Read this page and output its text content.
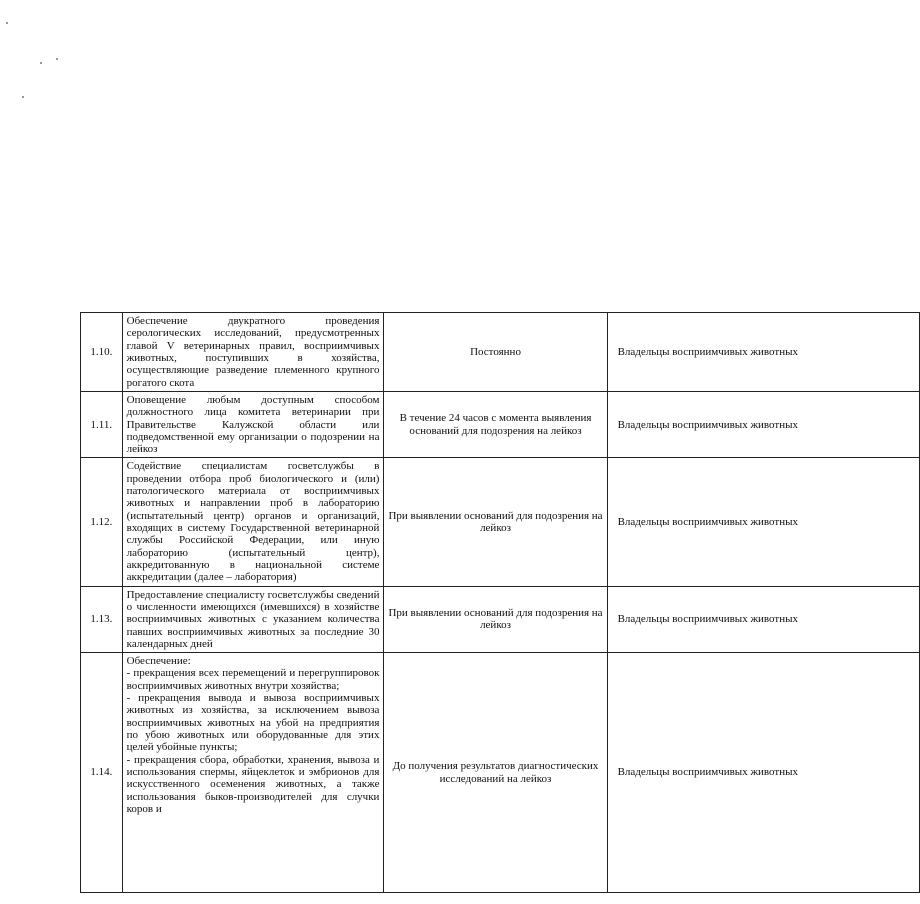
1.10.	Обеспечение двукратного проведения серологических исследований, предусмотренных главой V ветеринарных правил, восприимчивых животных, поступивших в хозяйства, осуществляющие разведение племенного крупного рогатого скота	Постоянно	Владельцы восприимчивых животных
1.11.	Оповещение любым доступным способом должностного лица комитета ветеринарии при Правительстве Калужской области или подведомственной ему организации о подозрении на лейкоз	В течение 24 часов с момента выявления оснований для подозрения на лейкоз	Владельцы восприимчивых животных
1.12.	Содействие специалистам госветслужбы в проведении отбора проб биологического и (или) патологического материала от восприимчивых животных и направлении проб в лабораторию (испытательный центр) органов и организаций, входящих в систему Государственной ветеринарной службы Российской Федерации, или иную лабораторию (испытательный центр), аккредитованную в национальной системе аккредитации (далее – лаборатория)	При выявлении оснований для подозрения на лейкоз	Владельцы восприимчивых животных
1.13.	Предоставление специалисту госветслужбы сведений о численности имеющихся (имевшихся) в хозяйстве восприимчивых животных с указанием количества павших восприимчивых животных за последние 30 календарных дней	При выявлении оснований для подозрения на лейкоз	Владельцы восприимчивых животных
1.14.	Обеспечение:
- прекращения всех перемещений и перегруппировок восприимчивых животных внутри хозяйства;
- прекращения вывода и вывоза восприимчивых животных из хозяйства, за исключением вывоза восприимчивых животных на убой на предприятия по убою животных или оборудованные для этих целей убойные пункты;
- прекращения сбора, обработки, хранения, вывоза и использования спермы, яйцеклеток и эмбрионов для искусственного осеменения животных, а также использования быков-производителей для случки коров и	До получения результатов диагностических исследований на лейкоз	Владельцы восприимчивых животных
